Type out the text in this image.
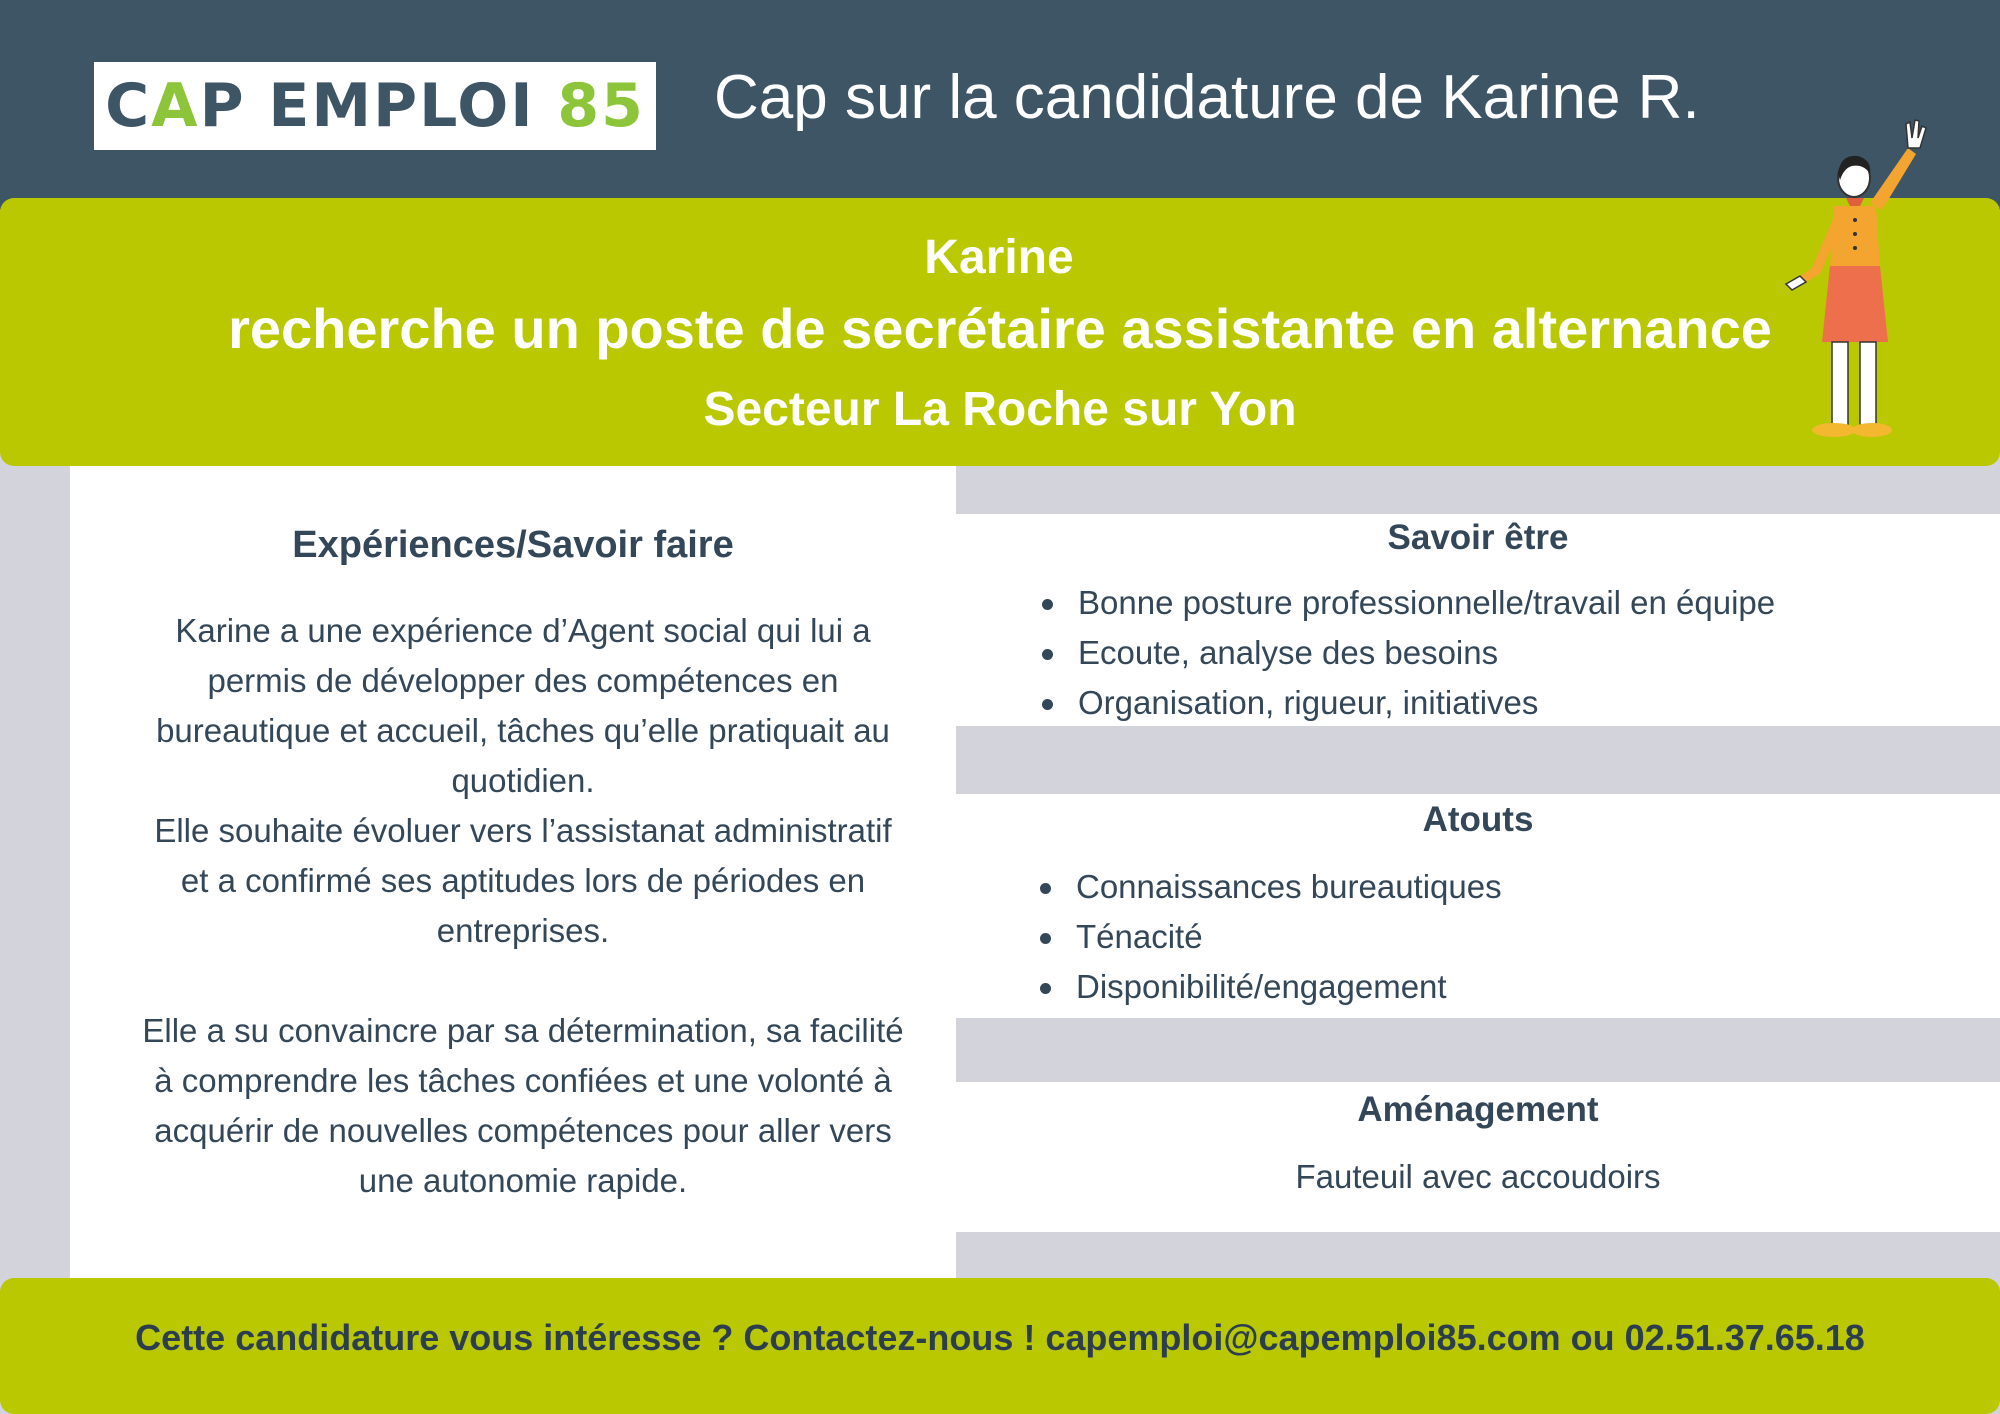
CAP EMPLOI 85 Cap sur la candidature de Karine R.
Karine
recherche un poste de secrétaire assistante en alternance
Secteur La Roche sur Yon
Expériences/Savoir faire
Karine a une expérience d’Agent social qui lui a
permis de développer des compétences en
bureautique et accueil, tâches qu’elle pratiquait au
quotidien.
Elle souhaite évoluer vers l’assistanat administratif
et a confirmé ses aptitudes lors de périodes en
entreprises.
Elle a su convaincre par sa détermination, sa facilité
à comprendre les tâches confiées et une volonté à
acquérir de nouvelles compétences pour aller vers
une autonomie rapide.
Savoir être
Bonne posture professionnelle/travail en équipe
Ecoute, analyse des besoins
Organisation, rigueur, initiatives
Atouts
Connaissances bureautiques
Ténacité
Disponibilité/engagement
Aménagement
Fauteuil avec accoudoirs
Cette candidature vous intéresse ? Contactez-nous ! capemploi@capemploi85.com ou 02.51.37.65.18
